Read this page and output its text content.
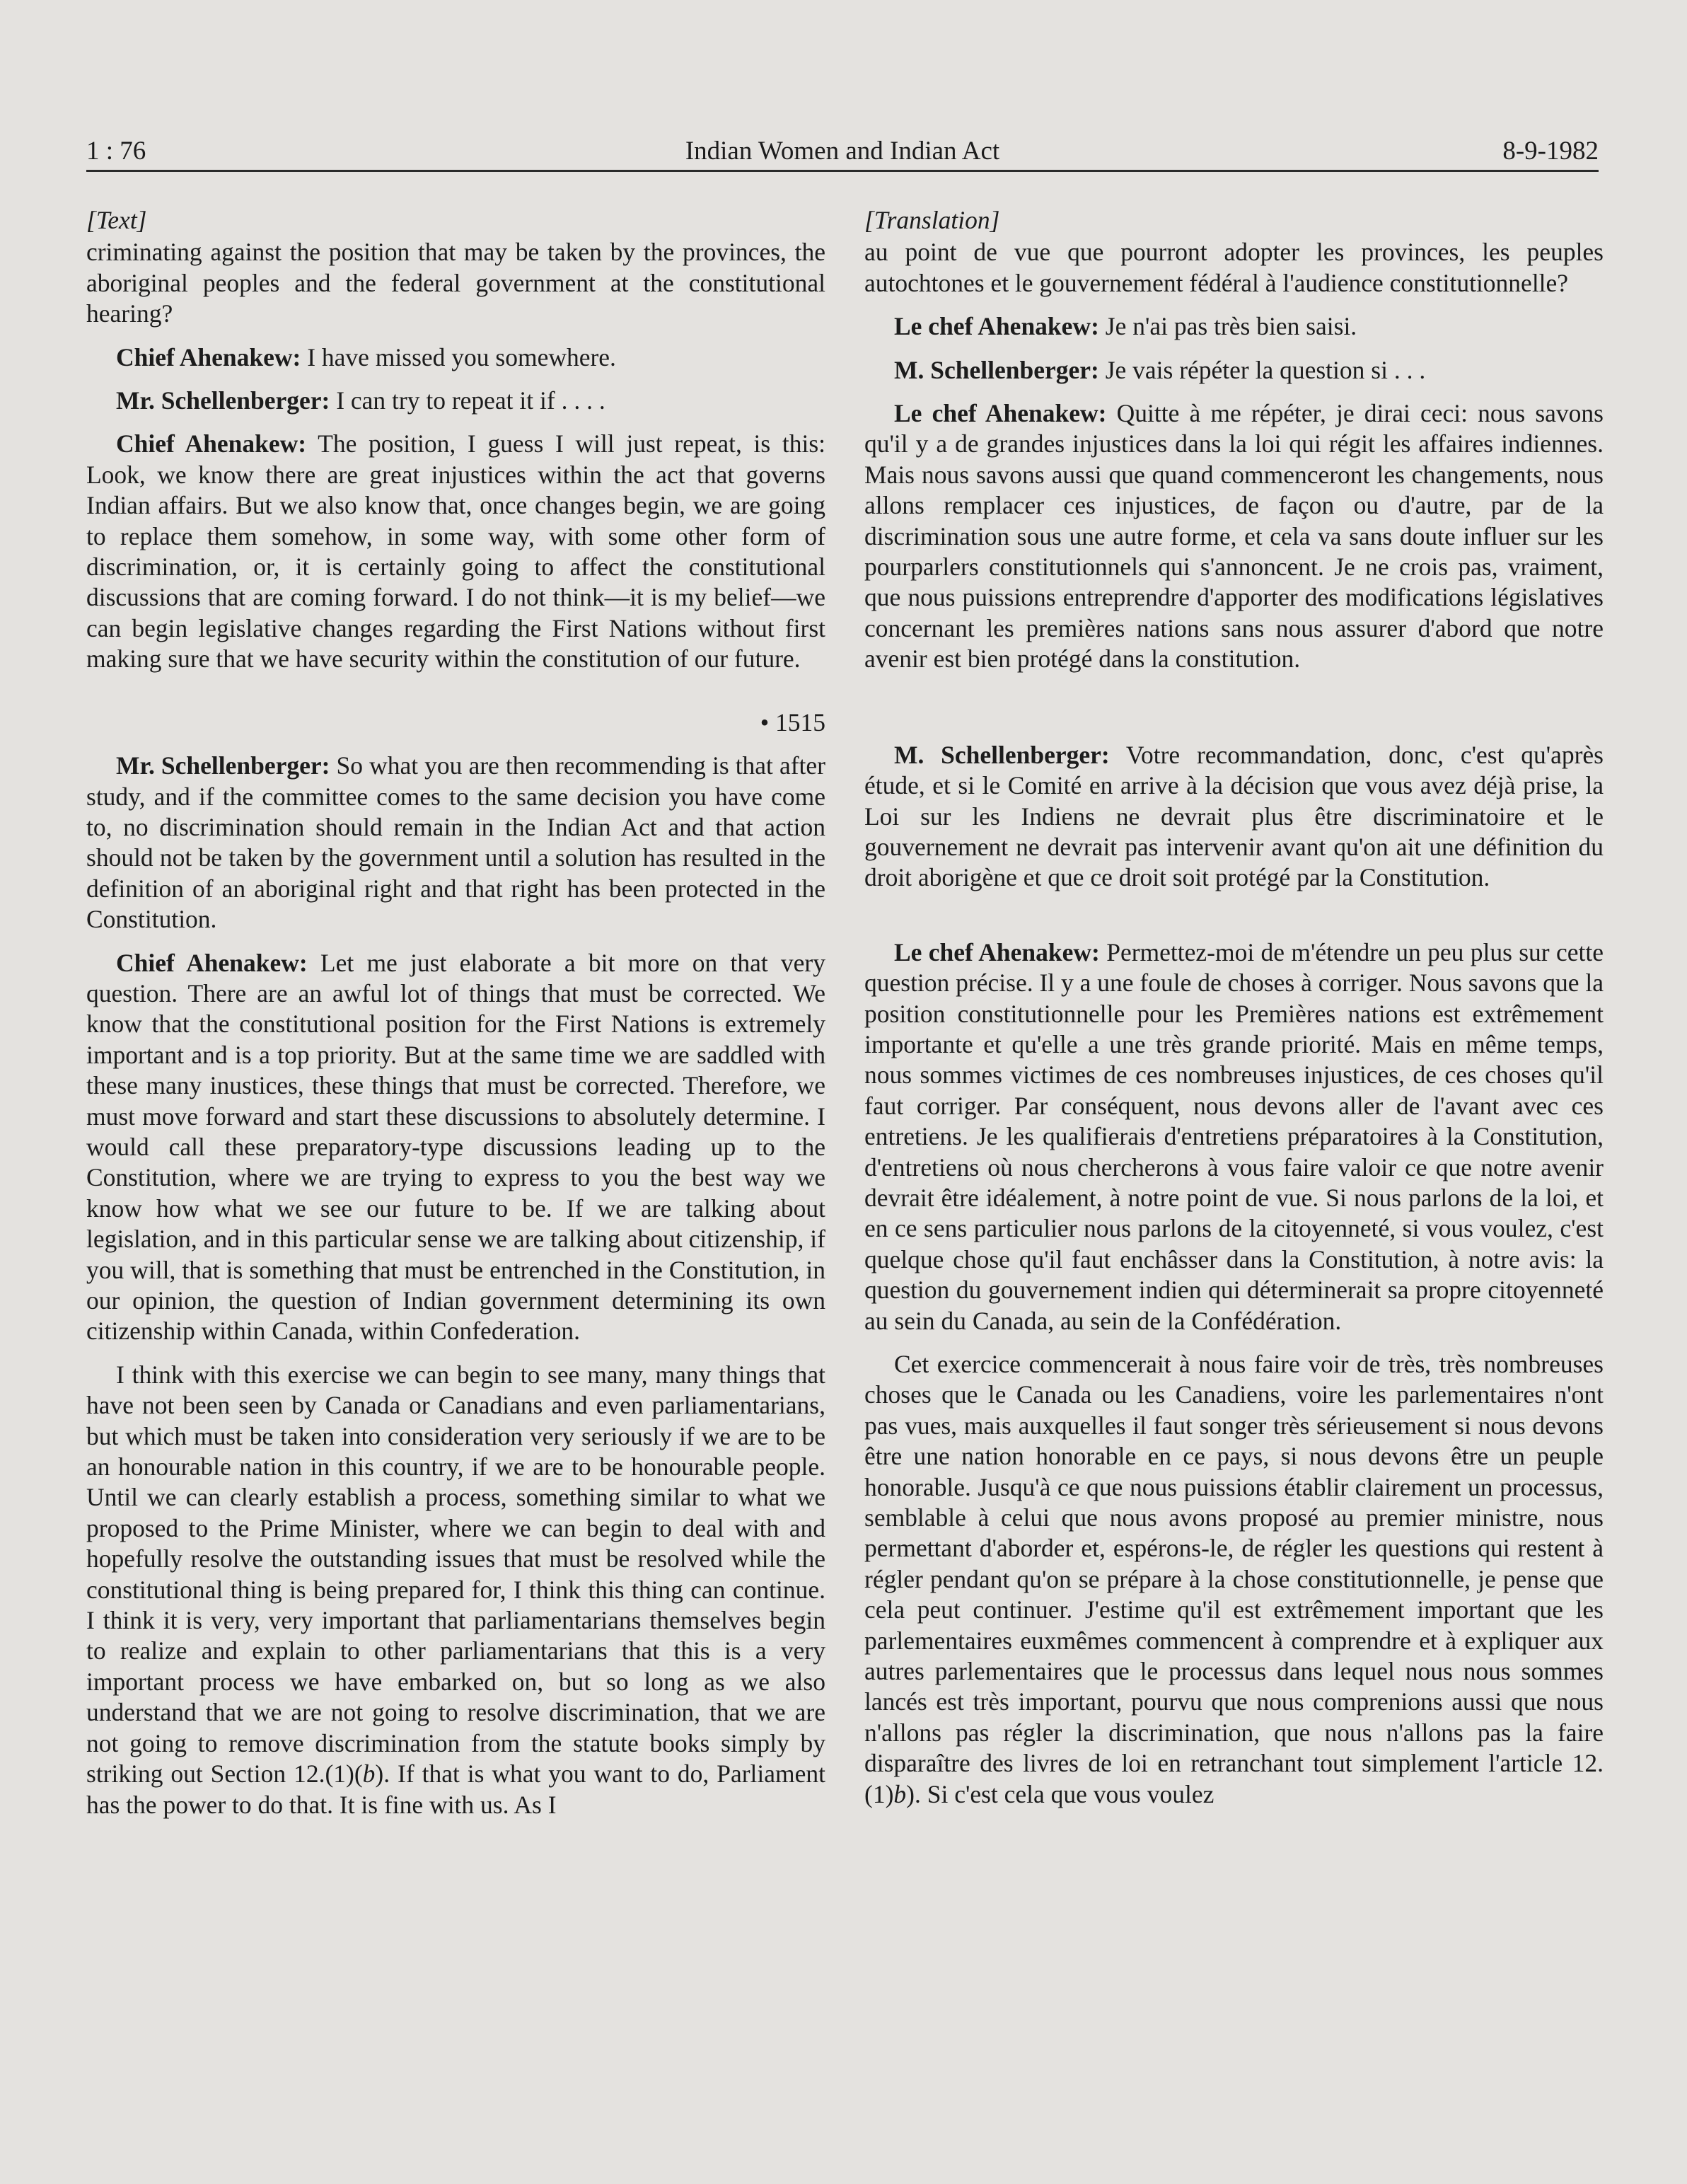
1 : 76	Indian Women and Indian Act	8-9-1982
[Text]

criminating against the position that may be taken by the provinces, the aboriginal peoples and the federal government at the constitutional hearing?

Chief Ahenakew: I have missed you somewhere.

Mr. Schellenberger: I can try to repeat it if . . . .

Chief Ahenakew: The position, I guess I will just repeat, is this: Look, we know there are great injustices within the act that governs Indian affairs. But we also know that, once changes begin, we are going to replace them somehow, in some way, with some other form of discrimination, or, it is certainly going to affect the constitutional discussions that are coming forward. I do not think—it is my belief—we can begin legislative changes regarding the First Nations without first making sure that we have security within the constitution of our future.

• 1515

Mr. Schellenberger: So what you are then recommending is that after study, and if the committee comes to the same decision you have come to, no discrimination should remain in the Indian Act and that action should not be taken by the government until a solution has resulted in the definition of an aboriginal right and that right has been protected in the Constitution.

Chief Ahenakew: Let me just elaborate a bit more on that very question. There are an awful lot of things that must be corrected. We know that the constitutional position for the First Nations is extremely important and is a top priority. But at the same time we are saddled with these many inustices, these things that must be corrected. Therefore, we must move forward and start these discussions to absolutely determine. I would call these preparatory-type discussions leading up to the Constitution, where we are trying to express to you the best way we know how what we see our future to be. If we are talking about legislation, and in this particular sense we are talking about citizenship, if you will, that is something that must be entrenched in the Constitution, in our opinion, the question of Indian government determining its own citizenship within Canada, within Confederation.

I think with this exercise we can begin to see many, many things that have not been seen by Canada or Canadians and even parliamentarians, but which must be taken into consideration very seriously if we are to be an honourable nation in this country, if we are to be honourable people. Until we can clearly establish a process, something similar to what we proposed to the Prime Minister, where we can begin to deal with and hopefully resolve the outstanding issues that must be resolved while the constitutional thing is being prepared for, I think this thing can continue. I think it is very, very important that parliamentarians themselves begin to realize and explain to other parliamentarians that this is a very important process we have embarked on, but so long as we also understand that we are not going to resolve discrimination, that we are not going to remove discrimination from the statute books simply by striking out Section 12.(1)(b). If that is what you want to do, Parliament has the power to do that. It is fine with us. As I

[Translation]

au point de vue que pourront adopter les provinces, les peuples autochtones et le gouvernement fédéral à l'audience constitutionnelle?

Le chef Ahenakew: Je n'ai pas très bien saisi.

M. Schellenberger: Je vais répéter la question si . . .

Le chef Ahenakew: Quitte à me répéter, je dirai ceci: nous savons qu'il y a de grandes injustices dans la loi qui régit les affaires indiennes. Mais nous savons aussi que quand commenceront les changements, nous allons remplacer ces injustices, de façon ou d'autre, par de la discrimination sous une autre forme, et cela va sans doute influer sur les pourparlers constitutionnels qui s'annoncent. Je ne crois pas, vraiment, que nous puissions entreprendre d'apporter des modifications législatives concernant les premières nations sans nous assurer d'abord que notre avenir est bien protégé dans la constitution.

M. Schellenberger: Votre recommandation, donc, c'est qu'après étude, et si le Comité en arrive à la décision que vous avez déjà prise, la Loi sur les Indiens ne devrait plus être discriminatoire et le gouvernement ne devrait pas intervenir avant qu'on ait une définition du droit aborigène et que ce droit soit protégé par la Constitution.

Le chef Ahenakew: Permettez-moi de m'étendre un peu plus sur cette question précise. Il y a une foule de choses à corriger. Nous savons que la position constitutionnelle pour les Premières nations est extrêmement importante et qu'elle a une très grande priorité. Mais en même temps, nous sommes victimes de ces nombreuses injustices, de ces choses qu'il faut corriger. Par conséquent, nous devons aller de l'avant avec ces entretiens. Je les qualifierais d'entretiens préparatoires à la Constitution, d'entretiens où nous chercherons à vous faire valoir ce que notre avenir devrait être idéalement, à notre point de vue. Si nous parlons de la loi, et en ce sens particulier nous parlons de la citoyenneté, si vous voulez, c'est quelque chose qu'il faut enchâsser dans la Constitution, à notre avis: la question du gouvernement indien qui déterminerait sa propre citoyenneté au sein du Canada, au sein de la Confédération.

Cet exercice commencerait à nous faire voir de très, très nombreuses choses que le Canada ou les Canadiens, voire les parlementaires n'ont pas vues, mais auxquelles il faut songer très sérieusement si nous devons être une nation honorable en ce pays, si nous devons être un peuple honorable. Jusqu'à ce que nous puissions établir clairement un processus, semblable à celui que nous avons proposé au premier ministre, nous permettant d'aborder et, espérons-le, de régler les questions qui restent à régler pendant qu'on se prépare à la chose constitutionnelle, je pense que cela peut continuer. J'estime qu'il est extrêmement important que les parlementaires euxmêmes commencent à comprendre et à expliquer aux autres parlementaires que le processus dans lequel nous nous sommes lancés est très important, pourvu que nous comprenions aussi que nous n'allons pas régler la discrimination, que nous n'allons pas la faire disparaître des livres de loi en retranchant tout simplement l'article 12.(1)b). Si c'est cela que vous voulez
